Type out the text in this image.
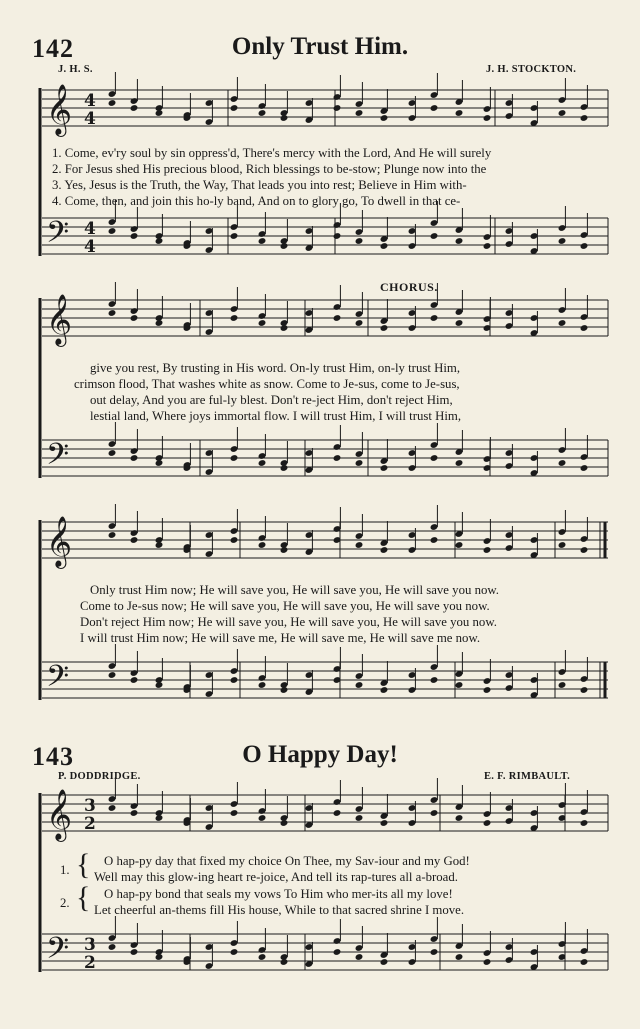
142	Only Trust Him.
J. H. S.	J. H. STOCKTON.
𝄞
𝄢
𝄞
𝄢
𝄞
𝄢
𝄞
𝄢
4
4
4
4
3
2
3
2
1. Come, ev'ry soul by sin oppress'd, There's mercy with the Lord, And He will surely
2. For Jesus shed His precious blood, Rich blessings to be-stow; Plunge now into the
3. Yes, Jesus is the Truth, the Way, That leads you into rest; Believe in Him with-
4. Come, then, and join this ho-ly band, And on to glory go, To dwell in that ce-
CHORUS.
give you rest, By trusting in His word. On-ly trust Him, on-ly trust Him,
crimson flood, That washes white as snow. Come to Je-sus, come to Je-sus,
out delay, And you are ful-ly blest. Don't re-ject Him, don't reject Him,
lestial land, Where joys immortal flow. I will trust Him, I will trust Him,
Only trust Him now; He will save you, He will save you, He will save you now.
Come to Je-sus now; He will save you, He will save you, He will save you now.
Don't reject Him now; He will save you, He will save you, He will save you now.
I will trust Him now; He will save me, He will save me, He will save me now.
143	O Happy Day!
P. DODDRIDGE.	E. F. RIMBAULT.
1. { O hap-py day that fixed my choice On Thee, my Sav-iour and my God!
Well may this glow-ing heart re-joice, And tell its rap-tures all a-broad.
2. { O hap-py bond that seals my vows To Him who mer-its all my love!
Let cheerful an-thems fill His house, While to that sacred shrine I move.
